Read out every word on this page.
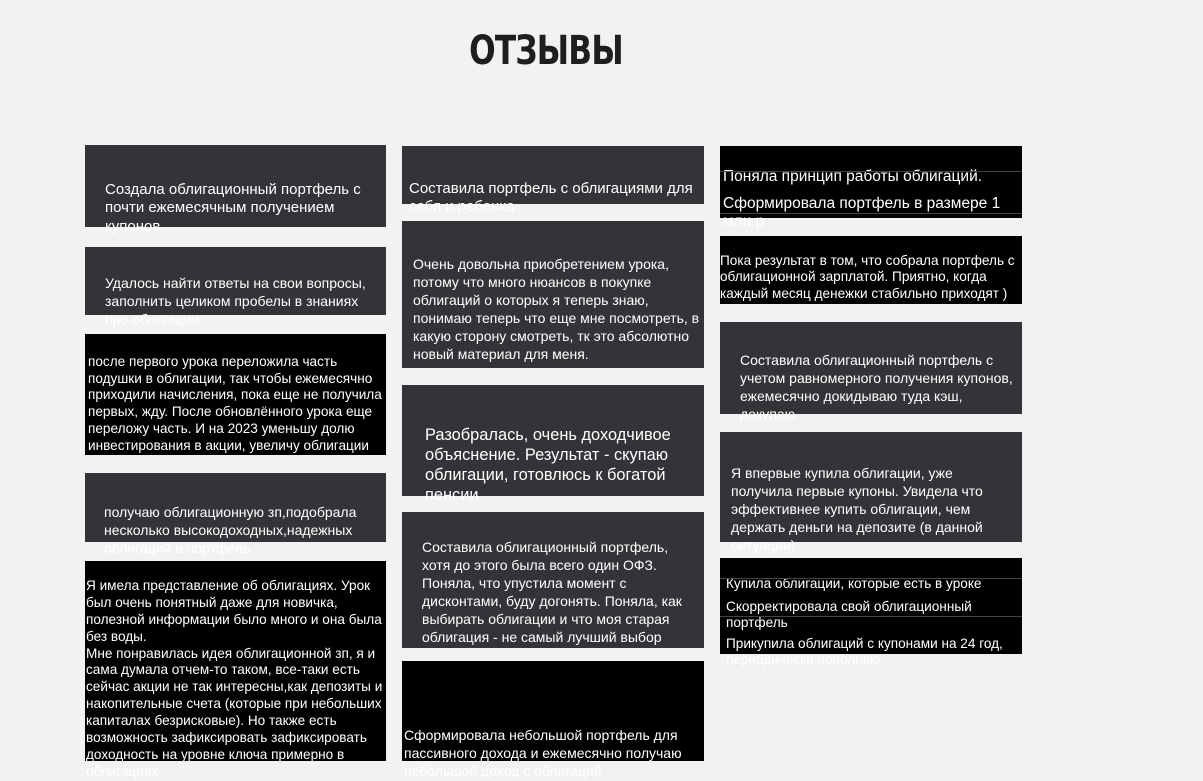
ОТЗЫВЫ

Создала облигационный портфель с почти ежемесячным получением купонов

Удалось найти ответы на свои вопросы, заполнить целиком пробелы в знаниях про облигации.

после первого урока переложила часть подушки в облигации, так чтобы ежемесячно приходили начисления, пока еще не получила первых, жду. После обновлённого урока еще переложу часть. И на 2023 уменьшу долю инвестирования в акции, увеличу облигации

получаю облигационную зп,подобрала несколько высокодоходных,надежных облигаций в портфель

Я имела представление об облигациях. Урок был очень понятный даже для новичка, полезной информации было много и она была без воды.
Мне понравилась идея облигационной зп, я и сама думала отчем-то таком, все-таки есть сейчас акции не так интересны,как депозиты и накопительные счета (которые при небольших капиталах безрисковые). Но также есть возможность зафиксировать зафиксировать доходность на уровне ключа примерно в облигациях.

Составила портфель с облигациями для себя и ребенка

Очень довольна приобретением урока, потому что много нюансов в покупке облигаций о которых я теперь знаю, понимаю теперь что еще мне посмотреть, в какую сторону смотреть, тк это абсолютно новый материал для меня.

Разобралась, очень доходчивое объяснение. Результат - скупаю облигации, готовлюсь к богатой пенсии

Составила облигационный портфель, хотя до этого была всего один ОФЗ. Поняла, что упустила момент с дисконтами, буду догонять. Поняла, как выбирать облигации и что моя старая облигация - не самый лучший выбор

Сформировала небольшой портфель для пассивного дохода и ежемесячно получаю небольшой доход с облигаций

Поняла принцип работы облигаций.

Сформировала портфель в размере 1 млн.р

Пока результат в том, что собрала портфель с облигационной зарплатой. Приятно, когда каждый месяц денежки стабильно приходят )

Составила облигационный портфель с учетом равномерного получения купонов, ежемесячно докидываю туда кэш, докупаю

Я впервые купила облигации, уже получила первые купоны. Увидела что эффективнее купить облигации, чем держать деньги на депозите (в данной ситуации)

Купила облигации, которые есть в уроке

Скорректировала свой облигационный портфель

Прикупила облигаций с купонами на 24 год, периодически пополняю
